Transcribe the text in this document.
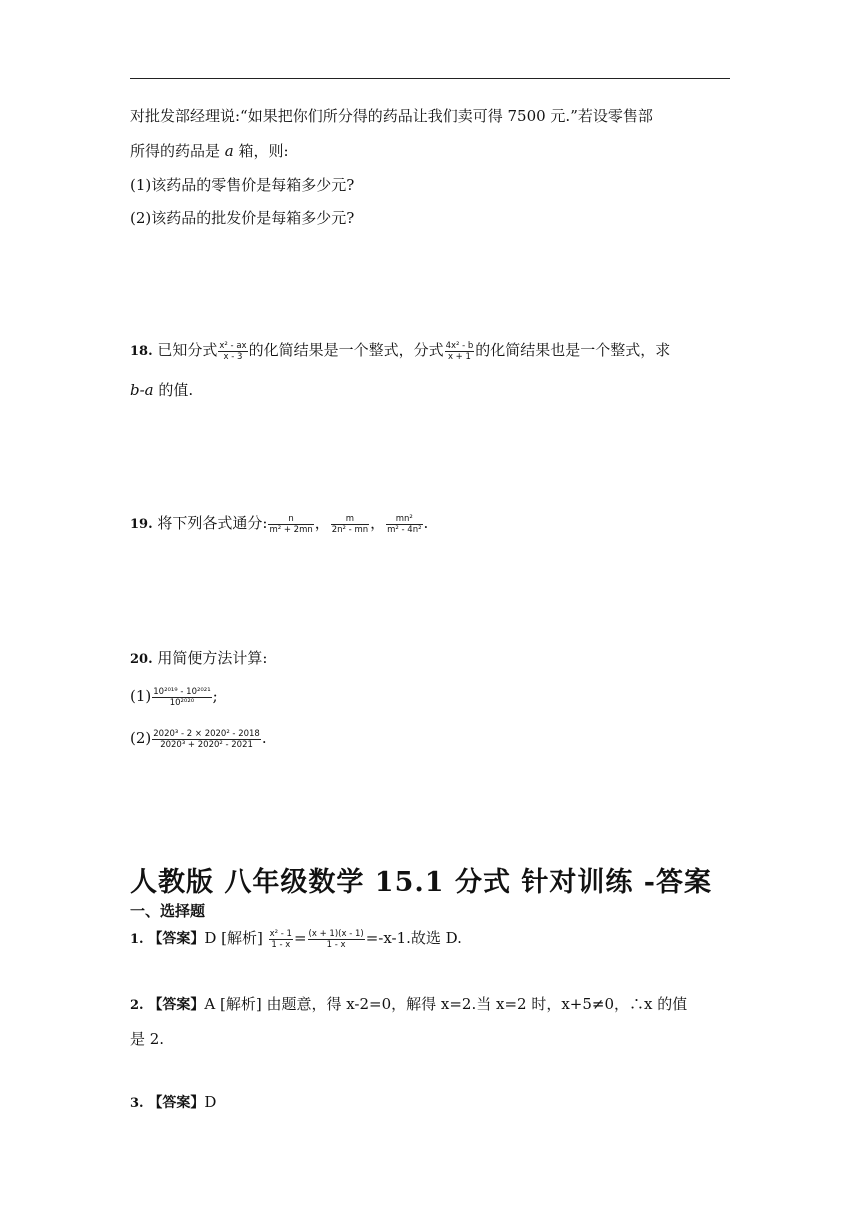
对批发部经理说:“如果把你们所分得的药品让我们卖可得 7500 元.”若设零售部
所得的药品是 a 箱，则:
(1)该药品的零售价是每箱多少元?
(2)该药品的批发价是每箱多少元?
18. 已知分式 $\frac{\text{x² - ax}}{x - 3}$ 的化简结果是一个整式，分式 $\frac{\text{4x² - b}}{x + 1}$ 的化简结果也是一个整式，求
b-a 的值.
19. 将下列各式通分: $\frac{n}{\text{m² + 2mn}}$ ， $\frac{m}{\text{2n² - mn}}$ ， $\frac{\text{mn²}}{\text{m² - 4n²}}$ .
20. 用简便方法计算:
$(1) \frac{\text{10²⁰¹⁹ - 10²⁰²¹}}{\text{10²⁰²⁰}}$ ;
$(2) \frac{\text{2020³ - 2 × 2020² - 2018}}{\text{2020³ + 2020² - 2021}}$ .
人教版 八年级数学 15.1 分式 针对训练 -答案
一、选择题
1. 【答案】D [解析] $\frac{\text{x² - 1}}{1 - x} = \frac{(x + 1)(x - 1)}{1 - x} =-x-1$.故选 D.
2. 【答案】A [解析] 由题意，得 x-2=0，解得 x=2.当 x=2 时，x+5≠0，∴x 的值
是 2.
3. 【答案】D
